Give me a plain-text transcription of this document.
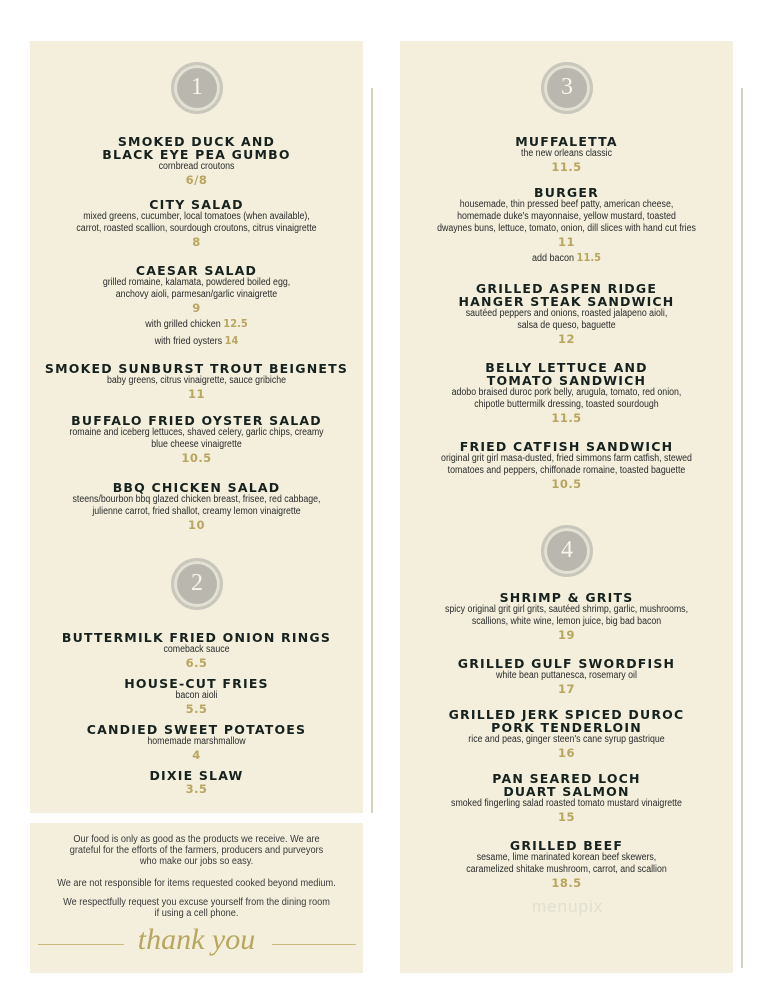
1
2
3
4
SMOKED DUCK AND
BLACK EYE PEA GUMBO
cornbread croutons
6/8
CITY SALAD
mixed greens, cucumber, local tomatoes (when available),
carrot, roasted scallion, sourdough croutons, citrus vinaigrette
8
CAESAR SALAD
grilled romaine, kalamata, powdered boiled egg,
anchovy aioli, parmesan/garlic vinaigrette
9
with grilled chicken 12.5
with fried oysters 14
SMOKED SUNBURST TROUT BEIGNETS
baby greens, citrus vinaigrette, sauce gribiche
11
BUFFALO FRIED OYSTER SALAD
romaine and iceberg lettuces, shaved celery, garlic chips, creamy
blue cheese vinaigrette
10.5
BBQ CHICKEN SALAD
steens/bourbon bbq glazed chicken breast, frisee, red cabbage,
julienne carrot, fried shallot, creamy lemon vinaigrette
10
BUTTERMILK FRIED ONION RINGS
comeback sauce
6.5
HOUSE-CUT FRIES
bacon aioli
5.5
CANDIED SWEET POTATOES
homemade marshmallow
4
DIXIE SLAW
3.5
Our food is only as good as the products we receive. We are
grateful for the efforts of the farmers, producers and purveyors
who make our jobs so easy.
We are not responsible for items requested cooked beyond medium.
We respectfully request you excuse yourself from the dining room
if using a cell phone.
thank you
MUFFALETTA
the new orleans classic
11.5
BURGER
housemade, thin pressed beef patty, american cheese,
homemade duke's mayonnaise, yellow mustard, toasted
dwaynes buns, lettuce, tomato, onion, dill slices with hand cut fries
11
add bacon 11.5
GRILLED ASPEN RIDGE
HANGER STEAK SANDWICH
sautéed peppers and onions, roasted jalapeno aioli,
salsa de queso, baguette
12
BELLY LETTUCE AND
TOMATO SANDWICH
adobo braised duroc pork belly, arugula, tomato, red onion,
chipotle buttermilk dressing, toasted sourdough
11.5
FRIED CATFISH SANDWICH
original grit girl masa-dusted, fried simmons farm catfish, stewed
tomatoes and peppers, chiffonade romaine, toasted baguette
10.5
SHRIMP & GRITS
spicy original grit girl grits, sautéed shrimp, garlic, mushrooms,
scallions, white wine, lemon juice, big bad bacon
19
GRILLED GULF SWORDFISH
white bean puttanesca, rosemary oil
17
GRILLED JERK SPICED DUROC
PORK TENDERLOIN
rice and peas, ginger steen's cane syrup gastrique
16
PAN SEARED LOCH
DUART SALMON
smoked fingerling salad roasted tomato mustard vinaigrette
15
GRILLED BEEF
sesame, lime marinated korean beef skewers,
caramelized shitake mushroom, carrot, and scallion
18.5
menupix
